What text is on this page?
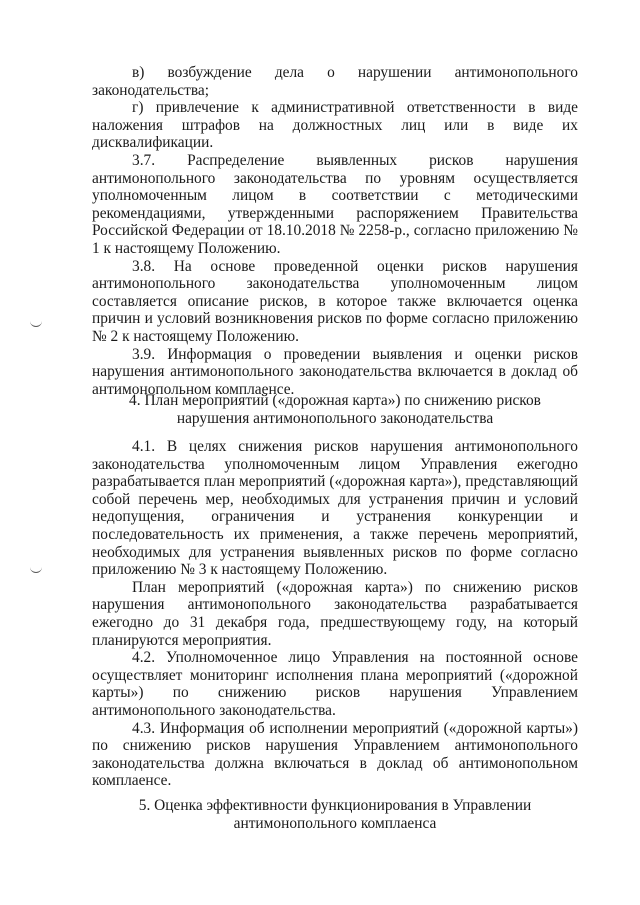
в) возбуждение дела о нарушении антимонопольного законодательства;

г) привлечение к административной ответственности в виде наложения штрафов на должностных лиц или в виде их дисквалификации.

3.7. Распределение выявленных рисков нарушения антимонопольного законодательства по уровням осуществляется уполномоченным лицом в соответствии с методическими рекомендациями, утвержденными распоряжением Правительства Российской Федерации от 18.10.2018 № 2258-р., согласно приложению № 1 к настоящему Положению.

3.8. На основе проведенной оценки рисков нарушения антимонопольного законодательства уполномоченным лицом составляется описание рисков, в которое также включается оценка причин и условий возникновения рисков по форме согласно приложению № 2 к настоящему Положению.

3.9. Информация о проведении выявления и оценки рисков нарушения антимонопольного законодательства включается в доклад об антимонопольном комплаенсе.

4. План мероприятий («дорожная карта») по снижению рисков нарушения антимонопольного законодательства

4.1. В целях снижения рисков нарушения антимонопольного законодательства уполномоченным лицом Управления ежегодно разрабатывается план мероприятий («дорожная карта»), представляющий собой перечень мер, необходимых для устранения причин и условий недопущения, ограничения и устранения конкуренции и последовательность их применения, а также перечень мероприятий, необходимых для устранения выявленных рисков по форме согласно приложению № 3 к настоящему Положению.

План мероприятий («дорожная карта») по снижению рисков нарушения антимонопольного законодательства разрабатывается ежегодно до 31 декабря года, предшествующему году, на который планируются мероприятия.

4.2. Уполномоченное лицо Управления на постоянной основе осуществляет мониторинг исполнения плана мероприятий («дорожной карты») по снижению рисков нарушения Управлением антимонопольного законодательства.

4.3. Информация об исполнении мероприятий («дорожной карты») по снижению рисков нарушения Управлением антимонопольного законодательства должна включаться в доклад об антимонопольном комплаенсе.

5. Оценка эффективности функционирования в Управлении антимонопольного комплаенса
